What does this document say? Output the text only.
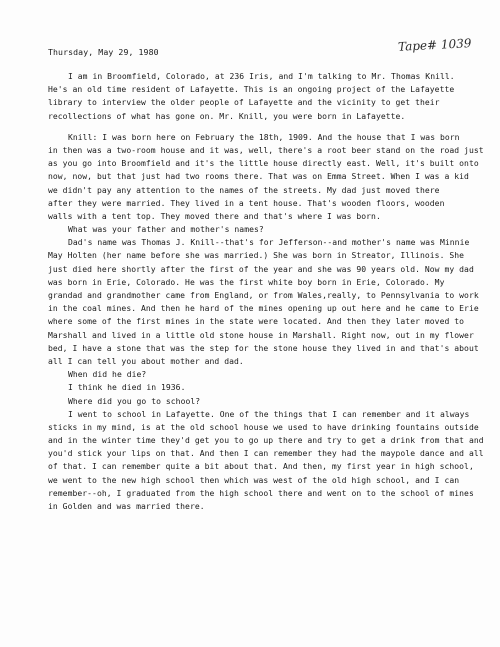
Thursday, May 29, 1980	Tape# 1039
I am in Broomfield, Colorado, at 236 Iris, and I'm talking to Mr. Thomas Knill.
He's an old time resident of Lafayette. This is an ongoing project of the Lafayette
library to interview the older people of Lafayette and the vicinity to get their
recollections of what has gone on. Mr. Knill, you were born in Lafayette.
Knill: I was born here on February the 18th, 1909. And the house that I was born
in then was a two-room house and it was, well, there's a root beer stand on the road just
as you go into Broomfield and it's the little house directly east. Well, it's built onto
now, now, but that just had two rooms there. That was on Emma Street. When I was a kid
we didn't pay any attention to the names of the streets. My dad just moved there
after they were married. They lived in a tent house. That's wooden floors, wooden
walls with a tent top. They moved there and that's where I was born.
What was your father and mother's names?
Dad's name was Thomas J. Knill--that's for Jefferson--and mother's name was Minnie
May Holten (her name before she was married.) She was born in Streator, Illinois. She
just died here shortly after the first of the year and she was 90 years old. Now my dad
was born in Erie, Colorado. He was the first white boy born in Erie, Colorado. My
grandad and grandmother came from England, or from Wales,really, to Pennsylvania to work
in the coal mines. And then he hard of the mines opening up out here and he came to Erie
where some of the first mines in the state were located. And then they later moved to
Marshall and lived in a little old stone house in Marshall. Right now, out in my flower
bed, I have a stone that was the step for the stone house they lived in and that's about
all I can tell you about mother and dad.
When did he die?
I think he died in 1936.
Where did you go to school?
I went to school in Lafayette. One of the things that I can remember and it always
sticks in my mind, is at the old school house we used to have drinking fountains outside
and in the winter time they'd get you to go up there and try to get a drink from that and
you'd stick your lips on that. And then I can remember they had the maypole dance and all
of that. I can remember quite a bit about that. And then, my first year in high school,
we went to the new high school then which was west of the old high school, and I can
remember--oh, I graduated from the high school there and went on to the school of mines
in Golden and was married there.
